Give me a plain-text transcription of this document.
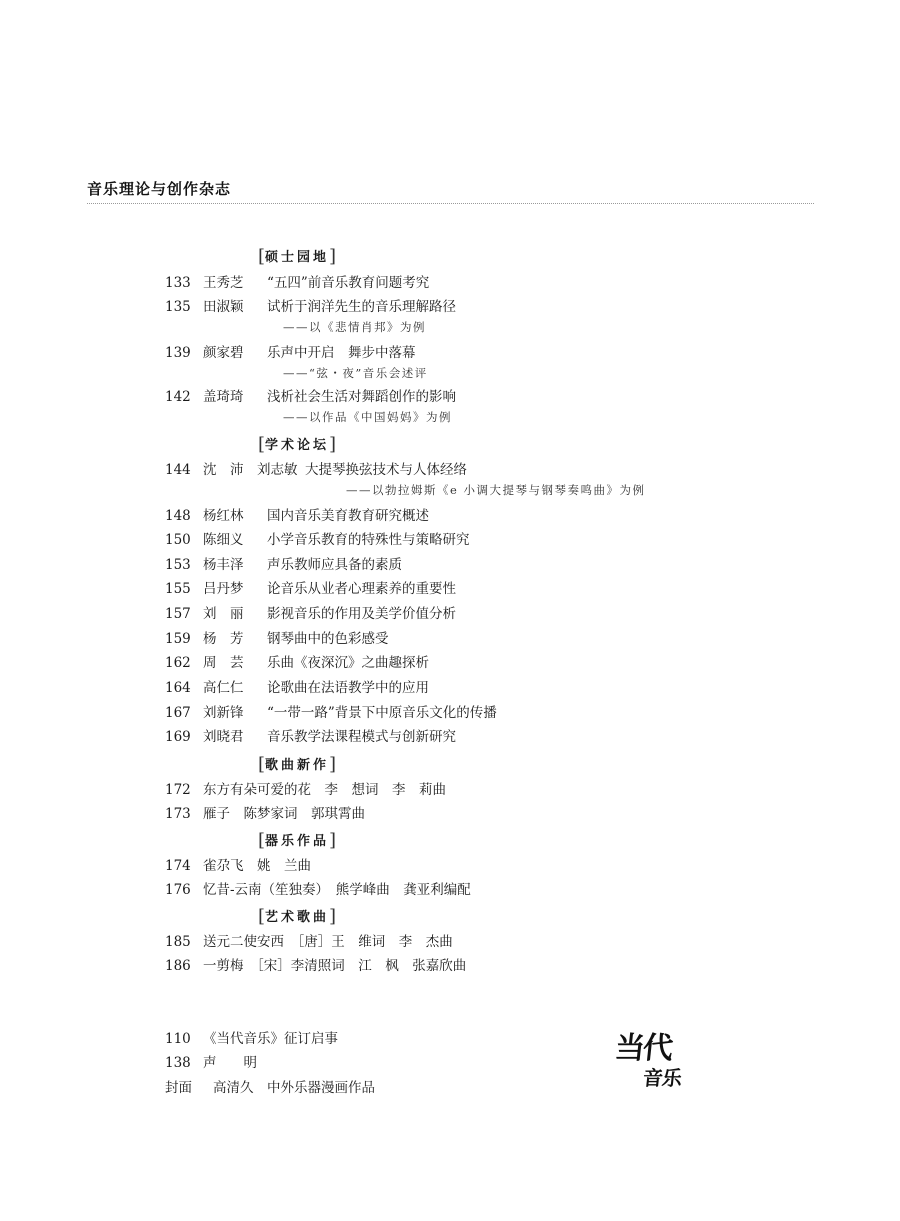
音乐理论与创作杂志
[硕士园地]
133 王秀芝 “五四”前音乐教育问题考究
135 田淑颖 试析于润洋先生的音乐理解路径
——以《悲情肖邦》为例
139 颜家碧 乐声中开启　舞步中落幕
——“弦・夜”音乐会述评
142 盖琦琦 浅析社会生活对舞蹈创作的影响
——以作品《中国妈妈》为例
[学术论坛]
144 沈　沛　刘志敏 大提琴换弦技术与人体经络
——以勃拉姆斯《e 小调大提琴与钢琴奏鸣曲》为例
148 杨红林 国内音乐美育教育研究概述
150 陈细义 小学音乐教育的特殊性与策略研究
153 杨丰泽 声乐教师应具备的素质
155 吕丹梦 论音乐从业者心理素养的重要性
157 刘　丽 影视音乐的作用及美学价值分析
159 杨　芳 钢琴曲中的色彩感受
162 周　芸 乐曲《夜深沉》之曲趣探析
164 高仁仁 论歌曲在法语教学中的应用
167 刘新锋 “一带一路”背景下中原音乐文化的传播
169 刘晓君 音乐教学法课程模式与创新研究
[歌曲新作]
172 东方有朵可爱的花　李　想词　李　莉曲
173 雁子　陈梦家词　郭琪霄曲
[器乐作品]
174 雀尕飞　姚　兰曲
176 忆昔-云南（笙独奏）　熊学峰曲　龚亚利编配
[艺术歌曲]
185 送元二使安西　［唐］王　维词　李　杰曲
186 一剪梅　［宋］李清照词　江　枫　张嘉欣曲
110 《当代音乐》征订启事
138 声　　明
封面 高清久　中外乐器漫画作品
当代
音乐
